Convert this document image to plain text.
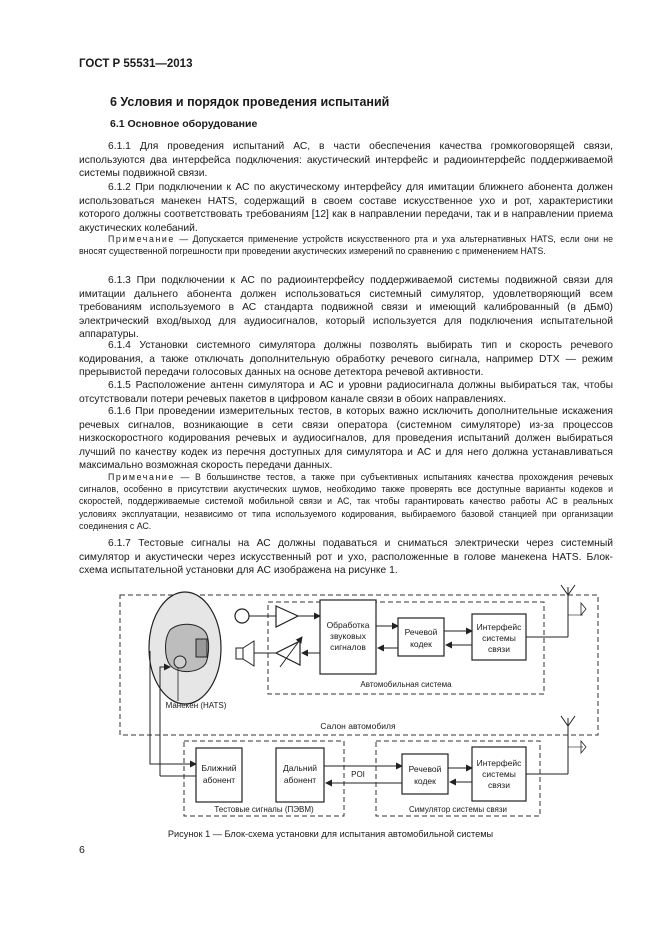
ГОСТ Р 55531—2013
6 Условия и порядок проведения испытаний
6.1 Основное оборудование

6.1.1 Для проведения испытаний АС, в части обеспечения качества громкоговорящей связи, используются два интерфейса подключения: акустический интерфейс и радиоинтерфейс поддерживаемой системы подвижной связи.

6.1.2 При подключении к АС по акустическому интерфейсу для имитации ближнего абонента должен использоваться манекен HATS, содержащий в своем составе искусственное ухо и рот, характеристики которого должны соответствовать требованиям [12] как в направлении передачи, так и в направлении приема акустических колебаний.

Примечание — Допускается применение устройств искусственного рта и уха альтернативных HATS, если они не вносят существенной погрешности при проведении акустических измерений по сравнению с применением HATS.

6.1.3 При подключении к АС по радиоинтерфейсу поддерживаемой системы подвижной связи для имитации дальнего абонента должен использоваться системный симулятор, удовлетворяющий всем требованиям используемого в АС стандарта подвижной связи и имеющий калиброванный (в дБм0) электрический вход/выход для аудиосигналов, который используется для подключения испытательной аппаратуры.

6.1.4 Установки системного симулятора должны позволять выбирать тип и скорость речевого кодирования, а также отключать дополнительную обработку речевого сигнала, например DTX — режим прерывистой передачи голосовых данных на основе детектора речевой активности.

6.1.5 Расположение антенн симулятора и АС и уровни радиосигнала должны выбираться так, чтобы отсутствовали потери речевых пакетов в цифровом канале связи в обоих направлениях.

6.1.6 При проведении измерительных тестов, в которых важно исключить дополнительные искажения речевых сигналов, возникающие в сети связи оператора (системном симуляторе) из-за процессов низкоскоростного кодирования речевых и аудиосигналов, для проведения испытаний должен выбираться лучший по качеству кодек из перечня доступных для симулятора и АС и для него должна устанавливаться максимально возможная скорость передачи данных.

Примечание — В большинстве тестов, а также при субъективных испытаниях качества прохождения речевых сигналов, особенно в присутствии акустических шумов, необходимо также проверять все доступные варианты кодеков и скоростей, поддерживаемые системой мобильной связи и АС, так чтобы гарантировать качество работы АС в реальных условиях эксплуатации, независимо от типа используемого кодирования, выбираемого базовой станцией при организации соединения с АС.

6.1.7 Тестовые сигналы на АС должны подаваться и сниматься электрически через системный симулятор и акустически через искусственный рот и ухо, расположенные в голове манекена HATS. Блок-схема испытательной установки для АС изображена на рисунке 1.

Обработка
звуковых
сигналов
Речевой
кодек
Интерфейс
системы
связи
Автомобильная система
Манекен (HATS)
Салон автомобиля
Ближний
абонент
Дальний
абонент
Тестовые сигналы (ПЭВМ)
POI
Речевой
кодек
Интерфейс
системы
связи
Симулятор системы связи
Рисунок 1 — Блок-схема установки для испытания автомобильной системы
6
